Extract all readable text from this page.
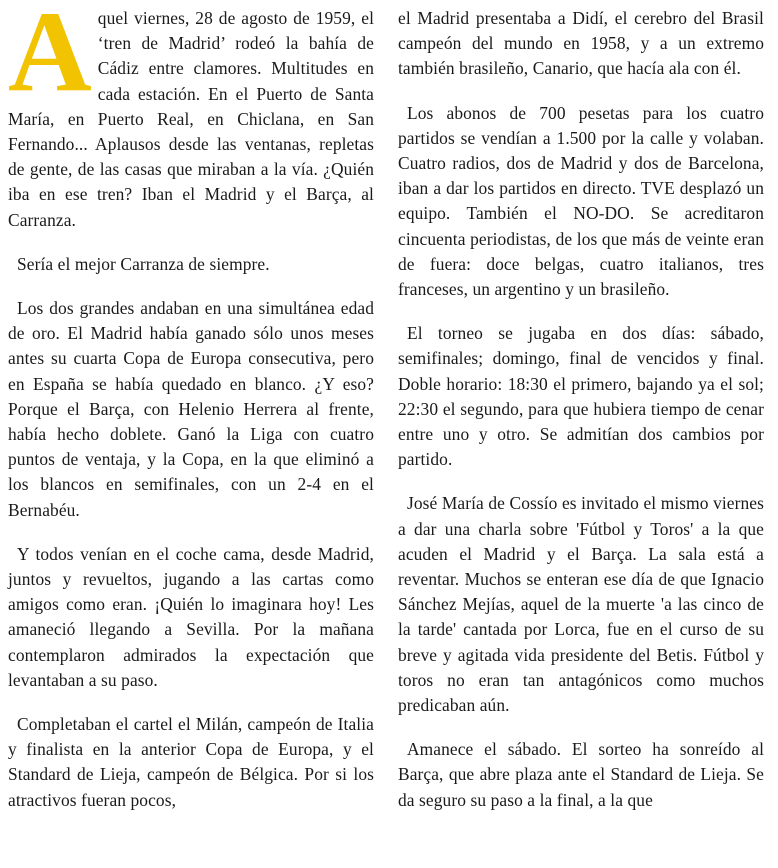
Aquel viernes, 28 de agosto de 1959, el ‘tren de Madrid’ rodeó la bahía de Cádiz entre clamores. Multitudes en cada estación. En el Puerto de Santa María, en Puerto Real, en Chiclana, en San Fernando... Aplausos desde las ventanas, repletas de gente, de las casas que miraban a la vía. ¿Quién iba en ese tren? Iban el Madrid y el Barça, al Carranza.

Sería el mejor Carranza de siempre.

Los dos grandes andaban en una simultánea edad de oro. El Madrid había ganado sólo unos meses antes su cuarta Copa de Europa consecutiva, pero en España se había quedado en blanco. ¿Y eso? Porque el Barça, con Helenio Herrera al frente, había hecho doblete. Ganó la Liga con cuatro puntos de ventaja, y la Copa, en la que eliminó a los blancos en semifinales, con un 2-4 en el Bernabéu.

Y todos venían en el coche cama, desde Madrid, juntos y revueltos, jugando a las cartas como amigos como eran. ¡Quién lo imaginara hoy! Les amaneció llegando a Sevilla. Por la mañana contemplaron admirados la expectación que levantaban a su paso.

Completaban el cartel el Milán, campeón de Italia y finalista en la anterior Copa de Europa, y el Standard de Lieja, campeón de Bélgica. Por si los atractivos fueran pocos,

el Madrid presentaba a Didí, el cerebro del Brasil campeón del mundo en 1958, y a un extremo también brasileño, Canario, que hacía ala con él.

Los abonos de 700 pesetas para los cuatro partidos se vendían a 1.500 por la calle y volaban. Cuatro radios, dos de Madrid y dos de Barcelona, iban a dar los partidos en directo. TVE desplazó un equipo. También el NO-DO. Se acreditaron cincuenta periodistas, de los que más de veinte eran de fuera: doce belgas, cuatro italianos, tres franceses, un argentino y un brasileño.

El torneo se jugaba en dos días: sábado, semifinales; domingo, final de vencidos y final. Doble horario: 18:30 el primero, bajando ya el sol; 22:30 el segundo, para que hubiera tiempo de cenar entre uno y otro. Se admitían dos cambios por partido.

José María de Cossío es invitado el mismo viernes a dar una charla sobre 'Fútbol y Toros' a la que acuden el Madrid y el Barça. La sala está a reventar. Muchos se enteran ese día de que Ignacio Sánchez Mejías, aquel de la muerte 'a las cinco de la tarde' cantada por Lorca, fue en el curso de su breve y agitada vida presidente del Betis. Fútbol y toros no eran tan antagónicos como muchos predicaban aún.

Amanece el sábado. El sorteo ha sonreído al Barça, que abre plaza ante el Standard de Lieja. Se da seguro su paso a la final, a la que
